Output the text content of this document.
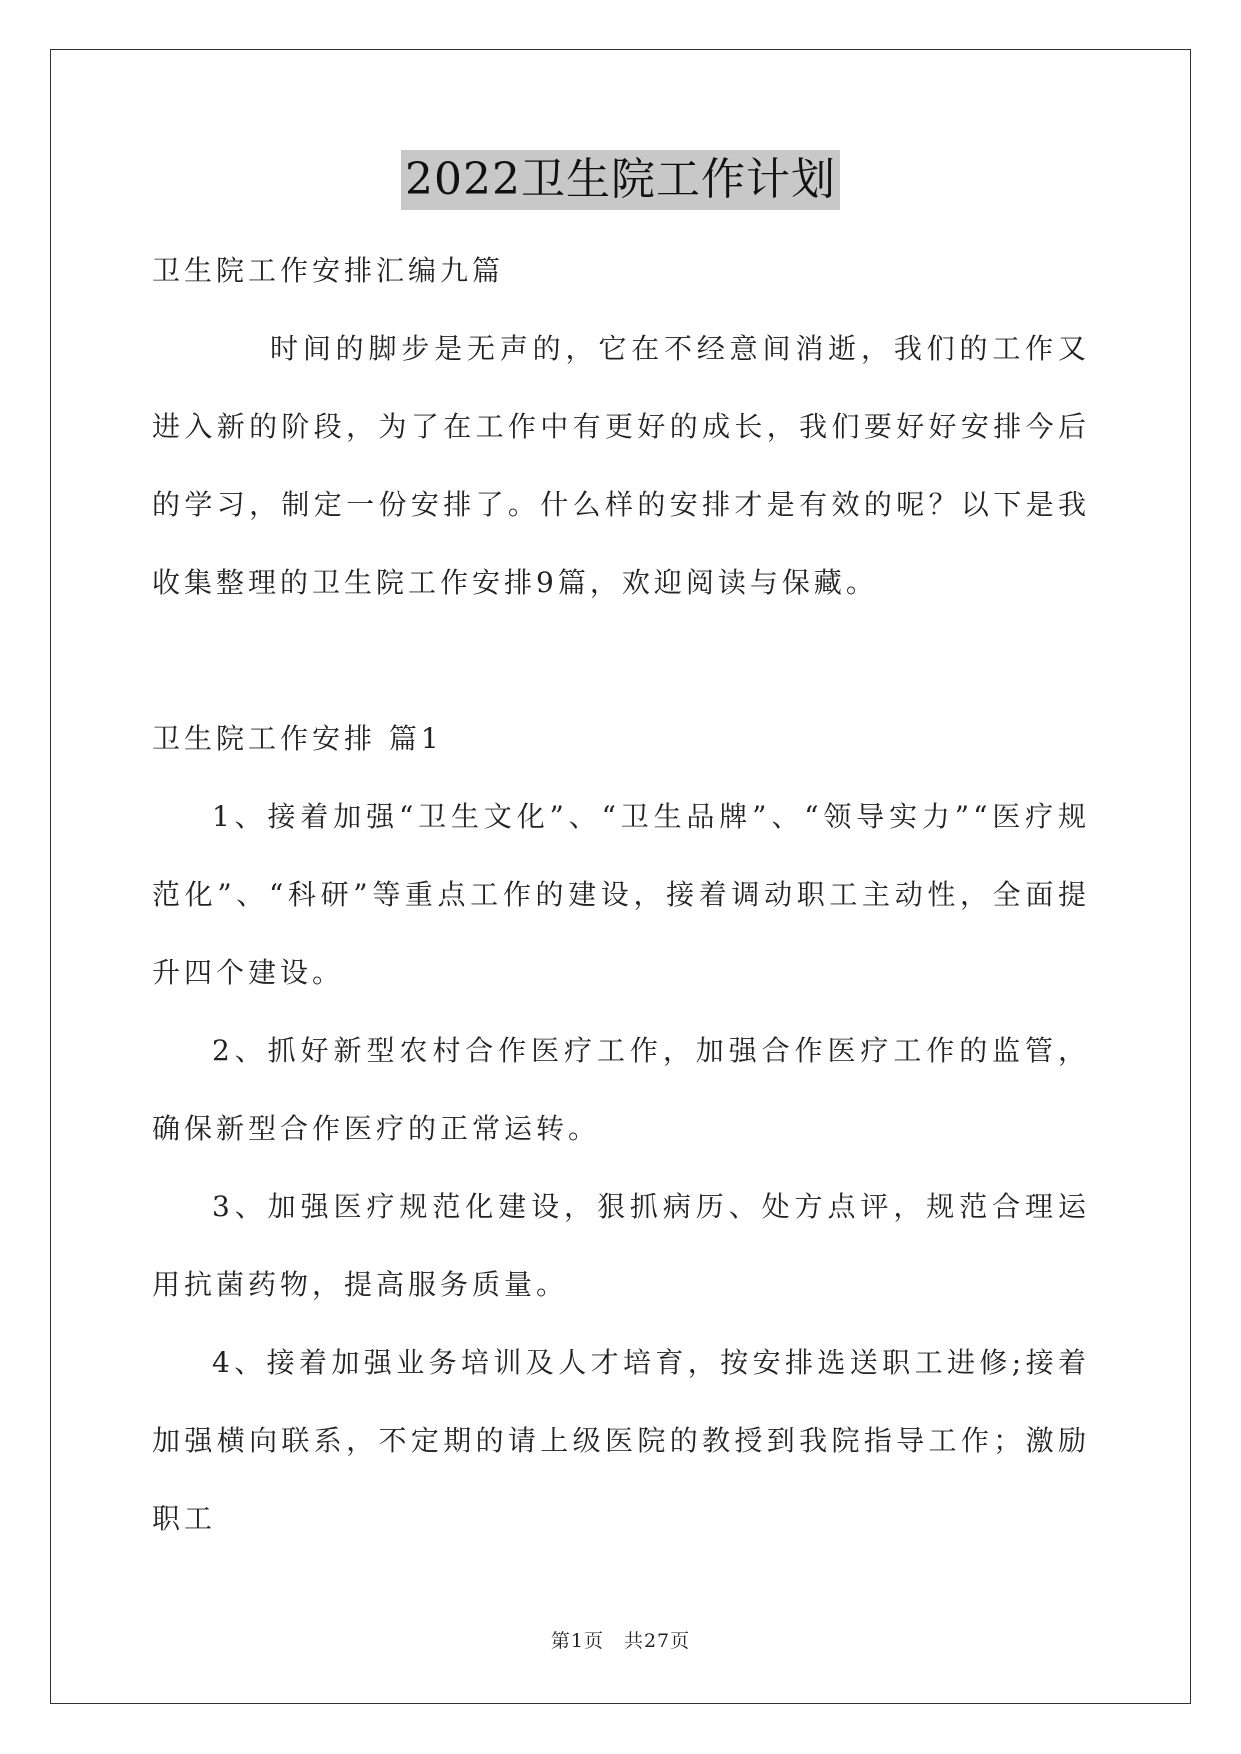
2022卫生院工作计划

卫生院工作安排汇编九篇

时间的脚步是无声的，它在不经意间消逝，我们的工作又进入新的阶段，为了在工作中有更好的成长，我们要好好安排今后的学习，制定一份安排了。什么样的安排才是有效的呢？以下是我收集整理的卫生院工作安排9篇，欢迎阅读与保藏。

卫生院工作安排 篇1

1、接着加强“卫生文化”、“卫生品牌”、“领导实力”“医疗规范化”、“科研”等重点工作的建设，接着调动职工主动性，全面提升四个建设。

2、抓好新型农村合作医疗工作，加强合作医疗工作的监管，确保新型合作医疗的正常运转。

3、加强医疗规范化建设，狠抓病历、处方点评，规范合理运用抗菌药物，提高服务质量。

4、接着加强业务培训及人才培育，按安排选送职工进修;接着加强横向联系，不定期的请上级医院的教授到我院指导工作；激励职工

第1页 共27页
